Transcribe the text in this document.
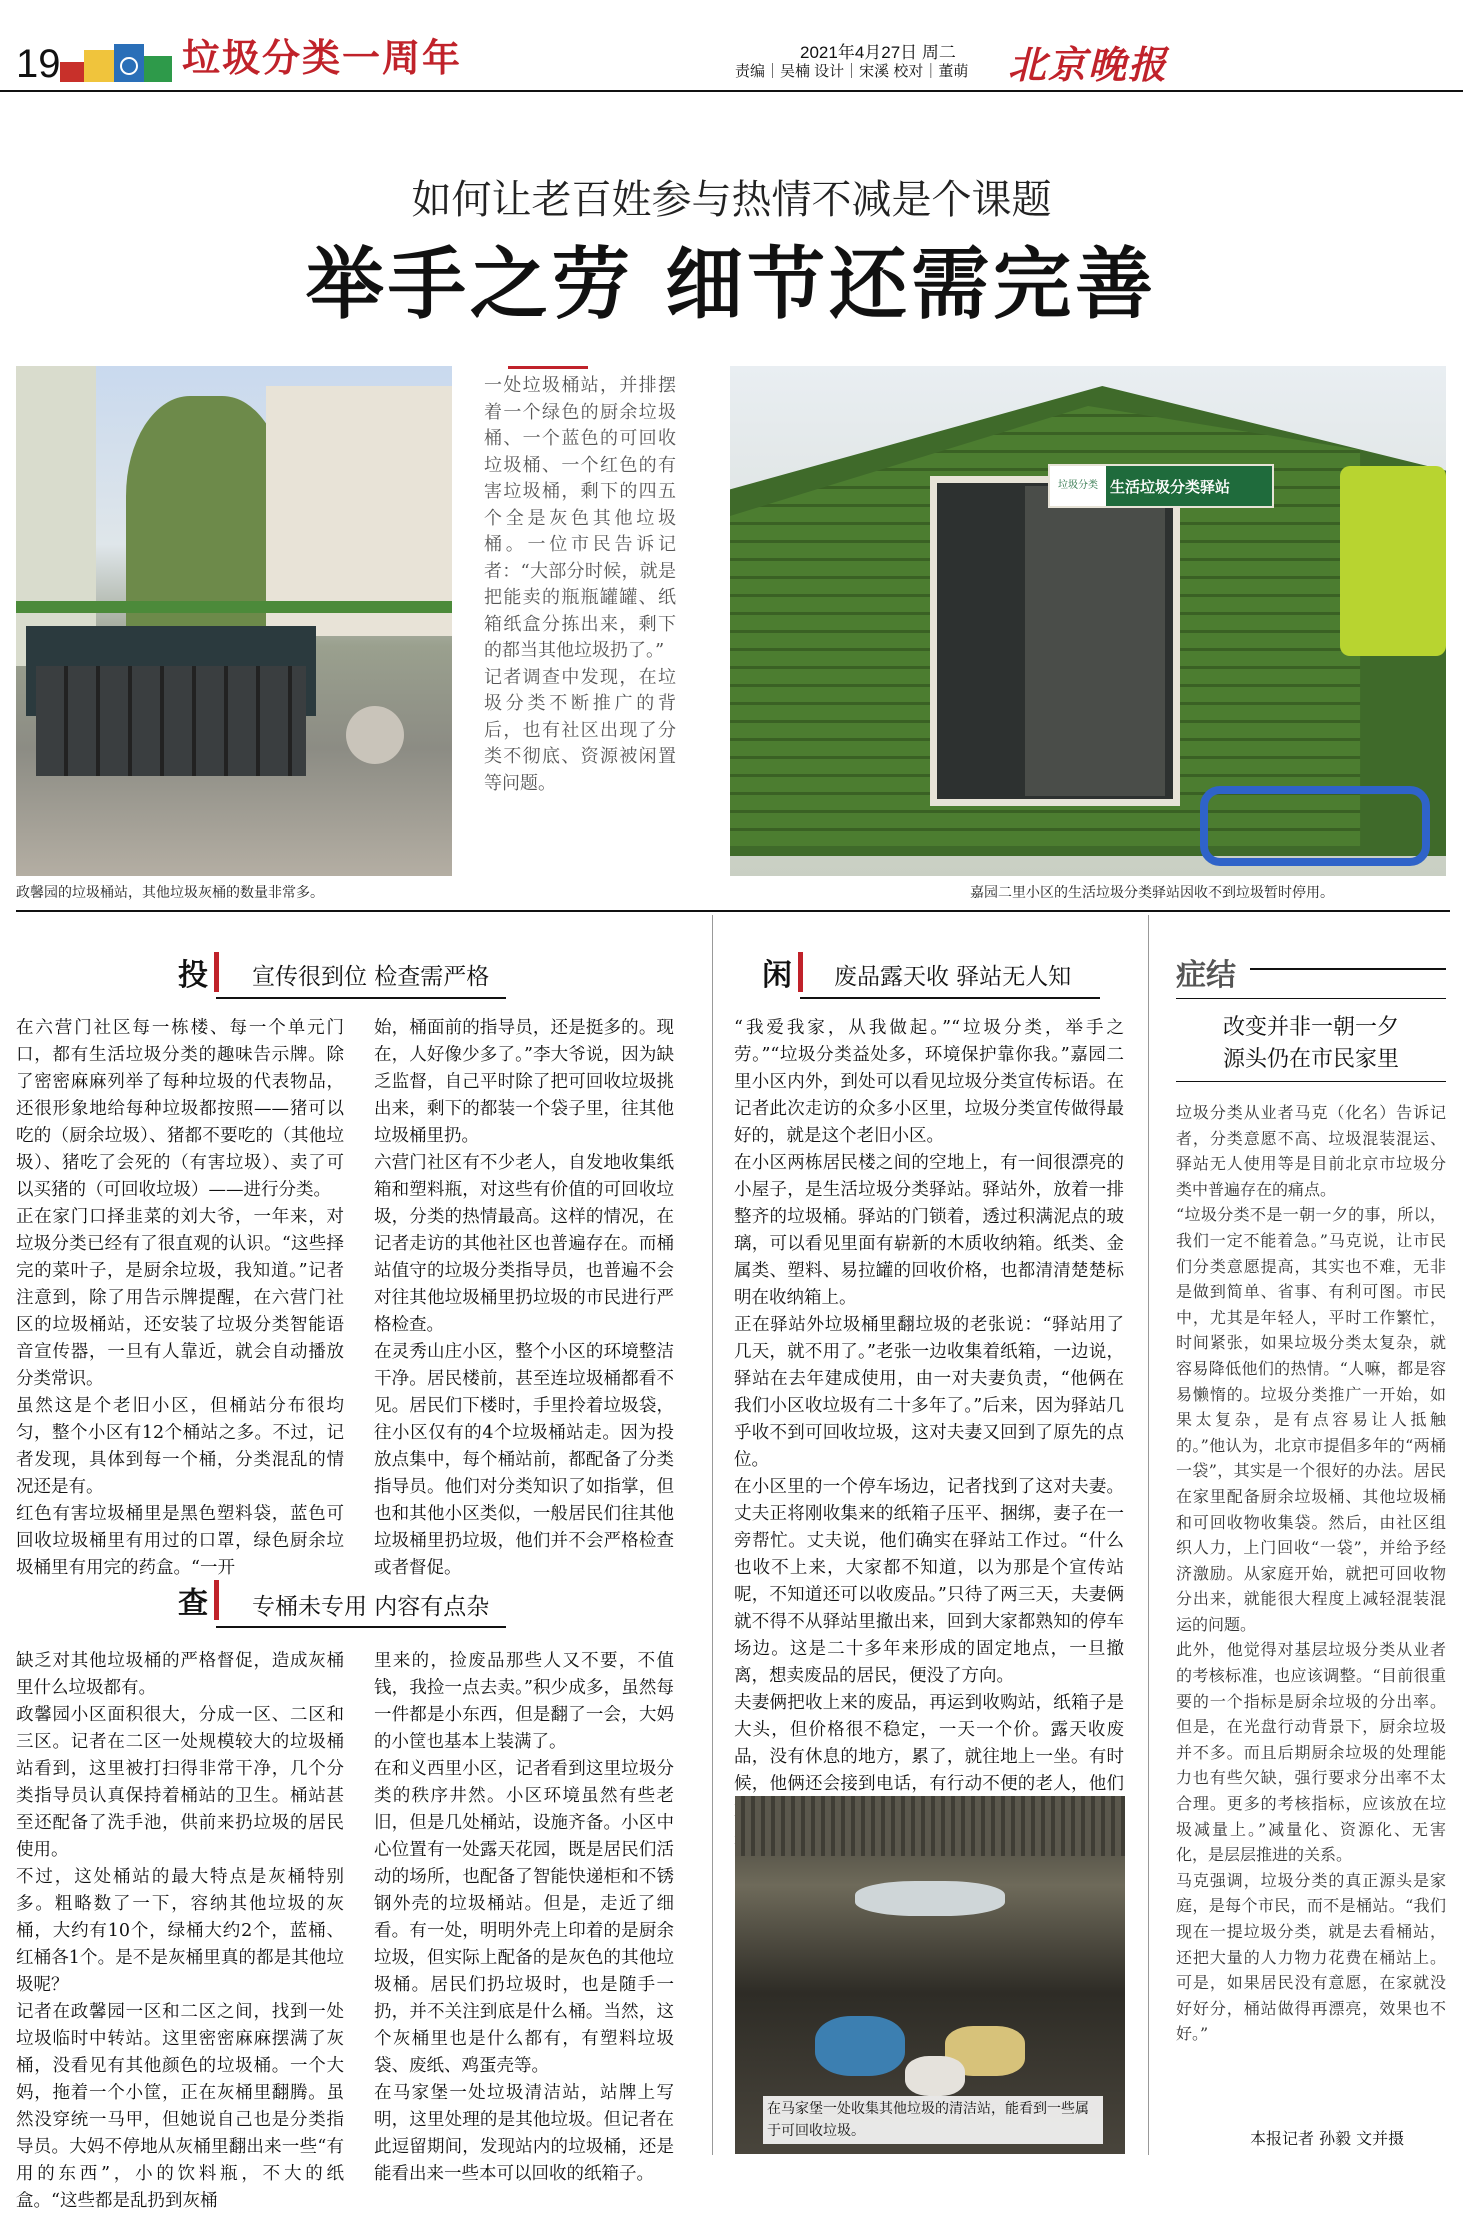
19	垃圾分类一周年	2021年4月27日 周二
责编｜吴楠 设计｜宋溪 校对｜董萌 北京晚报
如何让老百姓参与热情不减是个课题
举手之劳 细节还需完善
政馨园的垃圾桶站，其他垃圾灰桶的数量非常多。
一处垃圾桶站，并排摆着一个绿色的厨余垃圾桶、一个蓝色的可回收垃圾桶、一个红色的有害垃圾桶，剩下的四五个全是灰色其他垃圾桶。一位市民告诉记者：“大部分时候，就是把能卖的瓶瓶罐罐、纸箱纸盒分拣出来，剩下的都当其他垃圾扔了。”
记者调查中发现，在垃圾分类不断推广的背后，也有社区出现了分类不彻底、资源被闲置等问题。
垃圾分类 生活垃圾分类驿站
嘉园二里小区的生活垃圾分类驿站因收不到垃圾暂时停用。
投 宣传很到位 检查需严格
在六营门社区每一栋楼、每一个单元门口，都有生活垃圾分类的趣味告示牌。除了密密麻麻列举了每种垃圾的代表物品，还很形象地给每种垃圾都按照——猪可以吃的（厨余垃圾）、猪都不要吃的（其他垃圾）、猪吃了会死的（有害垃圾）、卖了可以买猪的（可回收垃圾）——进行分类。
正在家门口择韭菜的刘大爷，一年来，对垃圾分类已经有了很直观的认识。“这些择完的菜叶子，是厨余垃圾，我知道。”记者注意到，除了用告示牌提醒，在六营门社区的垃圾桶站，还安装了垃圾分类智能语音宣传器，一旦有人靠近，就会自动播放分类常识。
虽然这是个老旧小区，但桶站分布很均匀，整个小区有12个桶站之多。不过，记者发现，具体到每一个桶，分类混乱的情况还是有。
红色有害垃圾桶里是黑色塑料袋，蓝色可回收垃圾桶里有用过的口罩，绿色厨余垃圾桶里有用完的药盒。“一开
始，桶面前的指导员，还是挺多的。现在，人好像少多了。”李大爷说，因为缺乏监督，自己平时除了把可回收垃圾挑出来，剩下的都装一个袋子里，往其他垃圾桶里扔。
六营门社区有不少老人，自发地收集纸箱和塑料瓶，对这些有价值的可回收垃圾，分类的热情最高。这样的情况，在记者走访的其他社区也普遍存在。而桶站值守的垃圾分类指导员，也普遍不会对往其他垃圾桶里扔垃圾的市民进行严格检查。
在灵秀山庄小区，整个小区的环境整洁干净。居民楼前，甚至连垃圾桶都看不见。居民们下楼时，手里拎着垃圾袋，往小区仅有的4个垃圾桶站走。因为投放点集中，每个桶站前，都配备了分类指导员。他们对分类知识了如指掌，但也和其他小区类似，一般居民们往其他垃圾桶里扔垃圾，他们并不会严格检查或者督促。
查 专桶未专用 内容有点杂
缺乏对其他垃圾桶的严格督促，造成灰桶里什么垃圾都有。
政馨园小区面积很大，分成一区、二区和三区。记者在二区一处规模较大的垃圾桶站看到，这里被打扫得非常干净，几个分类指导员认真保持着桶站的卫生。桶站甚至还配备了洗手池，供前来扔垃圾的居民使用。
不过，这处桶站的最大特点是灰桶特别多。粗略数了一下，容纳其他垃圾的灰桶，大约有10个，绿桶大约2个，蓝桶、红桶各1个。是不是灰桶里真的都是其他垃圾呢？
记者在政馨园一区和二区之间，找到一处垃圾临时中转站。这里密密麻麻摆满了灰桶，没看见有其他颜色的垃圾桶。一个大妈，拖着一个小筐，正在灰桶里翻腾。虽然没穿统一马甲，但她说自己也是分类指导员。大妈不停地从灰桶里翻出来一些“有用的东西”，小的饮料瓶，不大的纸盒。“这些都是乱扔到灰桶
里来的，捡废品那些人又不要，不值钱，我捡一点去卖。”积少成多，虽然每一件都是小东西，但是翻了一会，大妈的小筐也基本上装满了。
在和义西里小区，记者看到这里垃圾分类的秩序井然。小区环境虽然有些老旧，但是几处桶站，设施齐备。小区中心位置有一处露天花园，既是居民们活动的场所，也配备了智能快递柜和不锈钢外壳的垃圾桶站。但是，走近了细看。有一处，明明外壳上印着的是厨余垃圾，但实际上配备的是灰色的其他垃圾桶。居民们扔垃圾时，也是随手一扔，并不关注到底是什么桶。当然，这个灰桶里也是什么都有，有塑料垃圾袋、废纸、鸡蛋壳等。
在马家堡一处垃圾清洁站，站牌上写明，这里处理的是其他垃圾。但记者在此逗留期间，发现站内的垃圾桶，还是能看出来一些本可以回收的纸箱子。
闲 废品露天收 驿站无人知
“我爱我家，从我做起。”“垃圾分类，举手之劳。”“垃圾分类益处多，环境保护靠你我。”嘉园二里小区内外，到处可以看见垃圾分类宣传标语。在记者此次走访的众多小区里，垃圾分类宣传做得最好的，就是这个老旧小区。
在小区两栋居民楼之间的空地上，有一间很漂亮的小屋子，是生活垃圾分类驿站。驿站外，放着一排整齐的垃圾桶。驿站的门锁着，透过积满泥点的玻璃，可以看见里面有崭新的木质收纳箱。纸类、金属类、塑料、易拉罐的回收价格，也都清清楚楚标明在收纳箱上。
正在驿站外垃圾桶里翻垃圾的老张说：“驿站用了几天，就不用了。”老张一边收集着纸箱，一边说，驿站在去年建成使用，由一对夫妻负责，“他俩在我们小区收垃圾有二十多年了。”后来，因为驿站几乎收不到可回收垃圾，这对夫妻又回到了原先的点位。
在小区里的一个停车场边，记者找到了这对夫妻。丈夫正将刚收集来的纸箱子压平、捆绑，妻子在一旁帮忙。丈夫说，他们确实在驿站工作过。“什么也收不上来，大家都不知道，以为那是个宣传站呢，不知道还可以收废品。”只待了两三天，夫妻俩就不得不从驿站里撤出来，回到大家都熟知的停车场边。这是二十多年来形成的固定地点，一旦撤离，想卖废品的居民，便没了方向。
夫妻俩把收上来的废品，再运到收购站，纸箱子是大头，但价格很不稳定，一天一个价。露天收废品，没有休息的地方，累了，就往地上一坐。有时候，他俩还会接到电话，有行动不便的老人，他们
在马家堡一处收集其他垃圾的清洁站，能看到一些属于可回收垃圾。
症结
改变并非一朝一夕
源头仍在市民家里
垃圾分类从业者马克（化名）告诉记者，分类意愿不高、垃圾混装混运、驿站无人使用等是目前北京市垃圾分类中普遍存在的痛点。
“垃圾分类不是一朝一夕的事，所以，我们一定不能着急。”马克说，让市民们分类意愿提高，其实也不难，无非是做到简单、省事、有利可图。市民中，尤其是年轻人，平时工作繁忙，时间紧张，如果垃圾分类太复杂，就容易降低他们的热情。“人嘛，都是容易懒惰的。垃圾分类推广一开始，如果太复杂，是有点容易让人抵触的。”他认为，北京市提倡多年的“两桶一袋”，其实是一个很好的办法。居民在家里配备厨余垃圾桶、其他垃圾桶和可回收物收集袋。然后，由社区组织人力，上门回收“一袋”，并给予经济激励。从家庭开始，就把可回收物分出来，就能很大程度上减轻混装混运的问题。
此外，他觉得对基层垃圾分类从业者的考核标准，也应该调整。“目前很重要的一个指标是厨余垃圾的分出率。但是，在光盘行动背景下，厨余垃圾并不多。而且后期厨余垃圾的处理能力也有些欠缺，强行要求分出率不太合理。更多的考核指标，应该放在垃圾减量上。”减量化、资源化、无害化，是层层推进的关系。
马克强调，垃圾分类的真正源头是家庭，是每个市民，而不是桶站。“我们现在一提垃圾分类，就是去看桶站，还把大量的人力物力花费在桶站上。可是，如果居民没有意愿，在家就没好好分，桶站做得再漂亮，效果也不好。”
本报记者 孙毅 文并摄
